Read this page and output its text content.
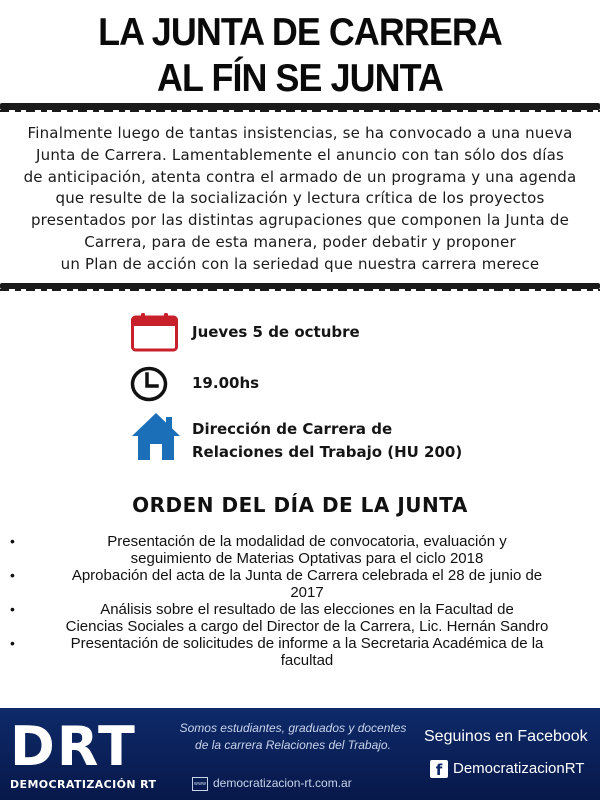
LA JUNTA DE CARRERA
AL FÍN SE JUNTA
Finalmente luego de tantas insistencias, se ha convocado a una nueva
Junta de Carrera. Lamentablemente el anuncio con tan sólo dos días
de anticipación, atenta contra el armado de un programa y una agenda
que resulte de la socialización y lectura crítica de los proyectos
presentados por las distintas agrupaciones que componen la Junta de
Carrera, para de esta manera, poder debatir y proponer
un Plan de acción con la seriedad que nuestra carrera merece
Jueves 5 de octubre
19.00hs
Dirección de Carrera de
Relaciones del Trabajo (HU 200)
ORDEN DEL DÍA DE LA JUNTA
•	Presentación de la modalidad de convocatoria, evaluación y
seguimiento de Materias Optativas para el ciclo 2018
•	Aprobación del acta de la Junta de Carrera celebrada el 28 de junio de
2017
•	Análisis sobre el resultado de las elecciones en la Facultad de
Ciencias Sociales a cargo del Director de la Carrera, Lic. Hernán Sandro
•	Presentación de solicitudes de informe a la Secretaria Académica de la
facultad
DRT
DEMOCRATIZACIÓN RT
Somos estudiantes, graduados y docentes
de la carrera Relaciones del Trabajo.
www democratizacion-rt.com.ar
Seguinos en Facebook
f DemocratizacionRT
